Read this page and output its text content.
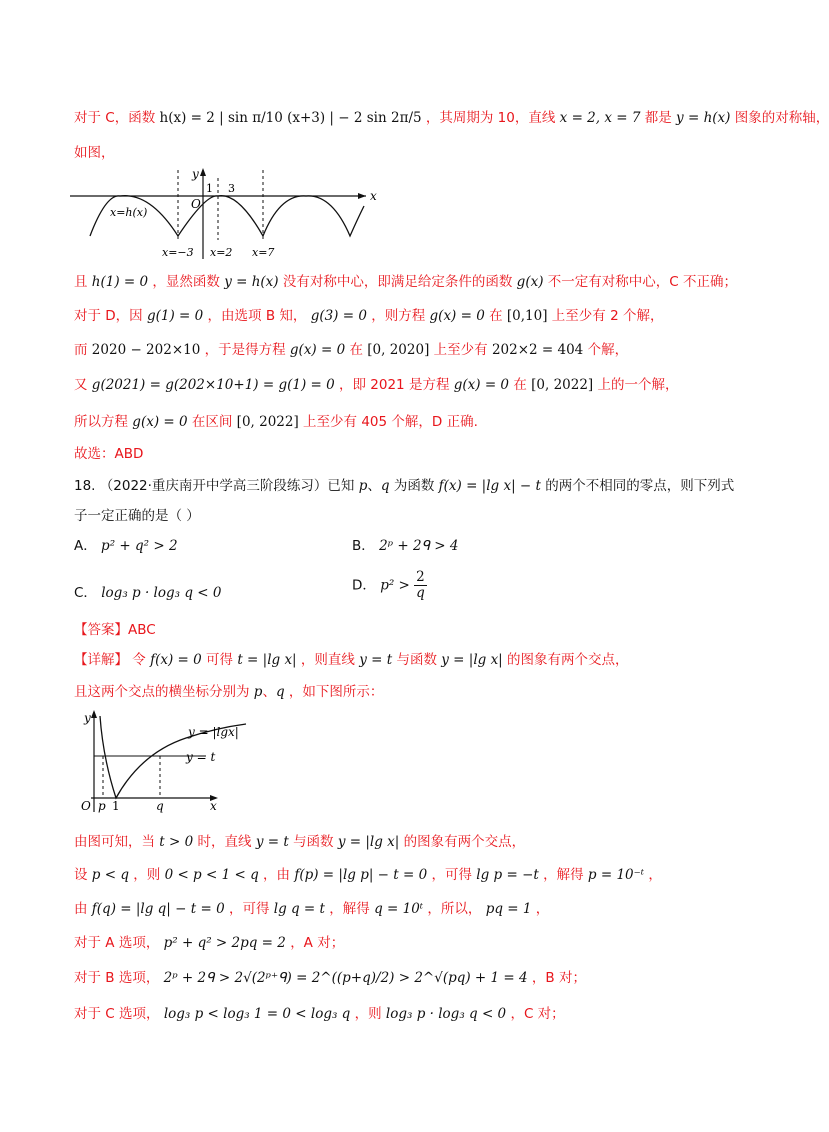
对于 C，函数 h(x) = 2 | sin π/10 (x+3) | − 2 sin 2π/5 ，其周期为 10，直线 x = 2, x = 7 都是 y = h(x) 图象的对称轴，
如图，
y
x
O
1 3
x=h(x)
x=−3 x=2 x=7
且 h(1) = 0 ，显然函数 y = h(x) 没有对称中心，即满足给定条件的函数 g(x) 不一定有对称中心，C 不正确；
对于 D，因 g(1) = 0 ，由选项 B 知， g(3) = 0 ，则方程 g(x) = 0 在 [0,10] 上至少有 2 个解，
而 2020 − 202×10 ，于是得方程 g(x) = 0 在 [0, 2020] 上至少有 202×2 = 404 个解，
又 g(2021) = g(202×10+1) = g(1) = 0 ，即 2021 是方程 g(x) = 0 在 [0, 2022] 上的一个解，
所以方程 g(x) = 0 在区间 [0, 2022] 上至少有 405 个解，D 正确.
故选：ABD
18. （2022·重庆南开中学高三阶段练习）已知 p、q 为函数 f(x) = |lg x| − t 的两个不相同的零点，则下列式
子一定正确的是（ ）
A． p² + q² > 2	B． 2ᵖ + 2ᑫ > 4
C． log₃ p · log₃ q < 0	D． $p^2 > \frac{2}{q}$
【答案】ABC
【详解】 令 f(x) = 0 可得 t = |lg x| ，则直线 y = t 与函数 y = |lg x| 的图象有两个交点，
且这两个交点的横坐标分别为 p、q ，如下图所示：
y
x
O p 1	q
y = |lgx|
y = t
由图可知，当 t > 0 时，直线 y = t 与函数 y = |lg x| 的图象有两个交点，
设 p < q ，则 0 < p < 1 < q ，由 f(p) = |lg p| − t = 0 ，可得 lg p = −t ，解得 p = 10⁻ᵗ ，
由 f(q) = |lg q| − t = 0 ，可得 lg q = t ，解得 q = 10ᵗ ，所以， pq = 1 ，
对于 A 选项， p² + q² > 2pq = 2 ，A 对；
对于 B 选项， 2ᵖ + 2ᑫ > 2√(2ᵖ⁺ᑫ) = 2^((p+q)/2) > 2^√(pq) + 1 = 4 ，B 对；
对于 C 选项， log₃ p < log₃ 1 = 0 < log₃ q ，则 log₃ p · log₃ q < 0 ，C 对；
